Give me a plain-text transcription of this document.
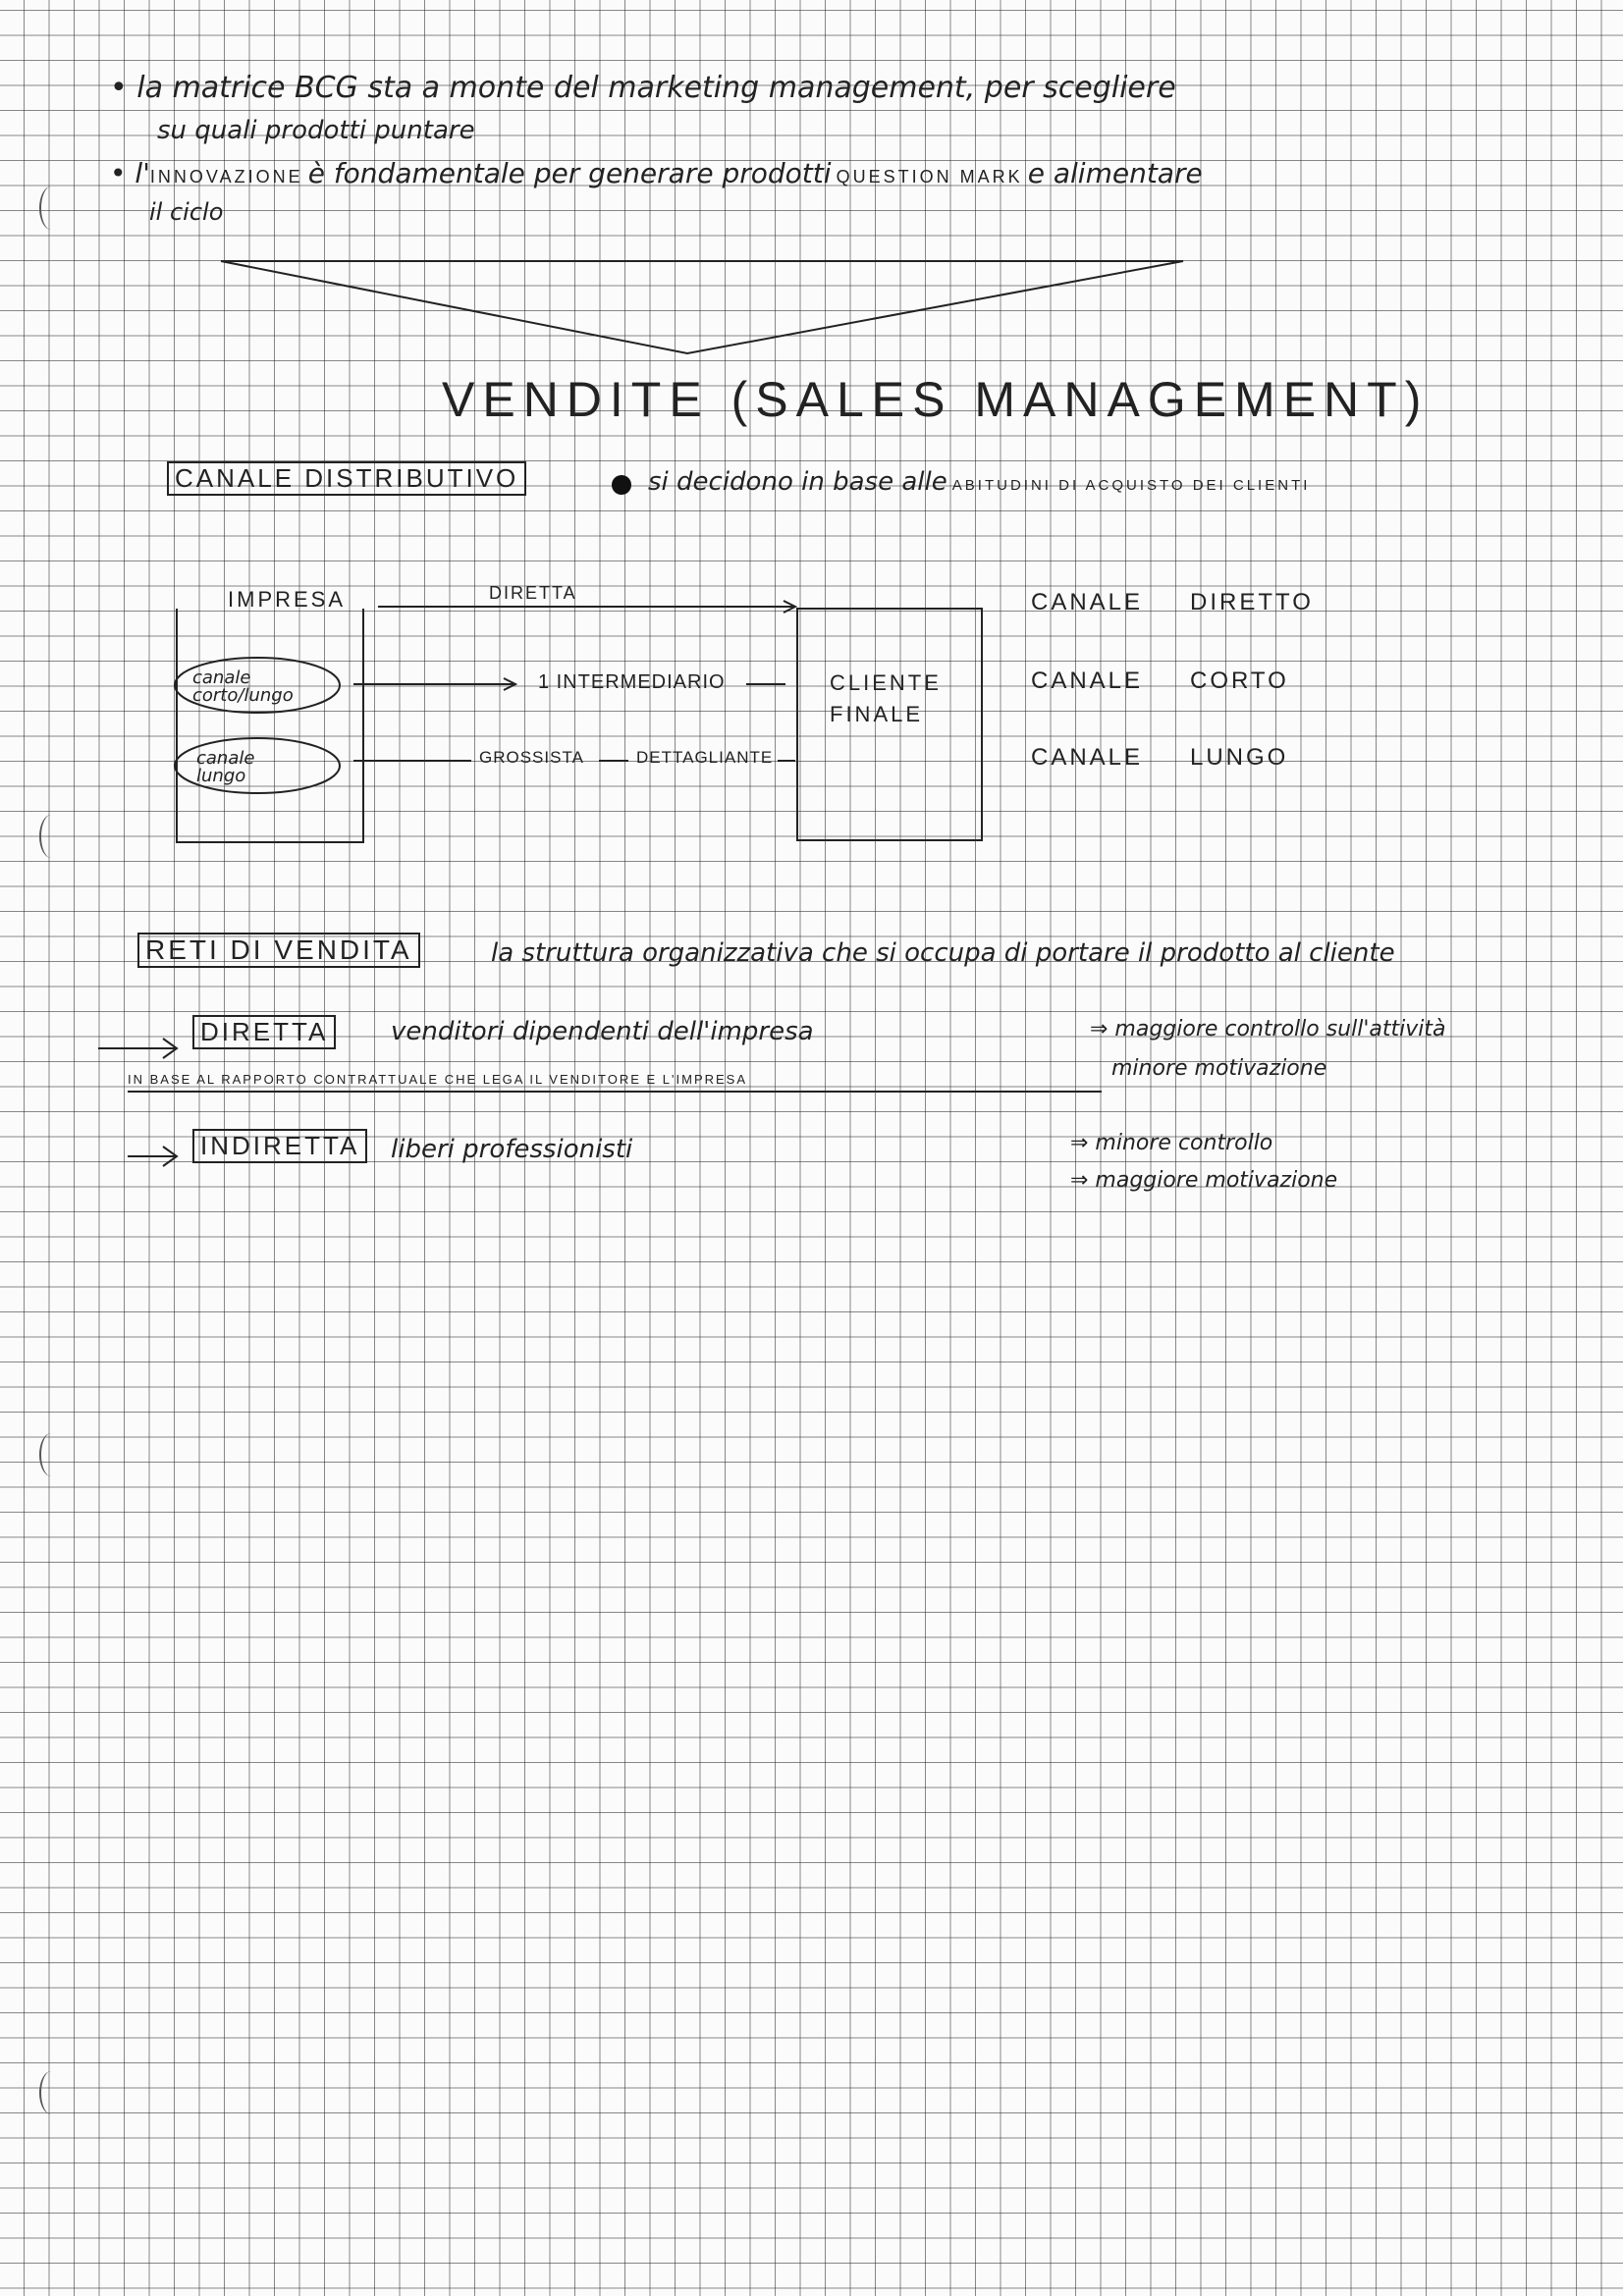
• la matrice BCG sta a monte del marketing management, per scegliere
su quali prodotti puntare
• l'INNOVAZIONE è fondamentale per generare prodotti QUESTION MARK e alimentare
il ciclo
VENDITE (SALES MANAGEMENT)
CANALE DISTRIBUTIVO	si decidono in base alle ABITUDINI DI ACQUISTO DEI CLIENTI
IMPRESA
canale corto/lungo
canale lungo
DIRETTA
1 INTERMEDIARIO
GROSSISTA	DETTAGLIANTE
CLIENTE FINALE
CANALE DIRETTO
CANALE CORTO
CANALE LUNGO
RETI DI VENDITA	la struttura organizzativa che si occupa di portare il prodotto al cliente
DIRETTA	venditori dipendenti dell'impresa	⇒ maggiore controllo sull'attività
minore motivazione
IN BASE AL RAPPORTO CONTRATTUALE CHE LEGA IL VENDITORE E L'IMPRESA
INDIRETTA	liberi professionisti	⇒ minore controllo
⇒ maggiore motivazione
